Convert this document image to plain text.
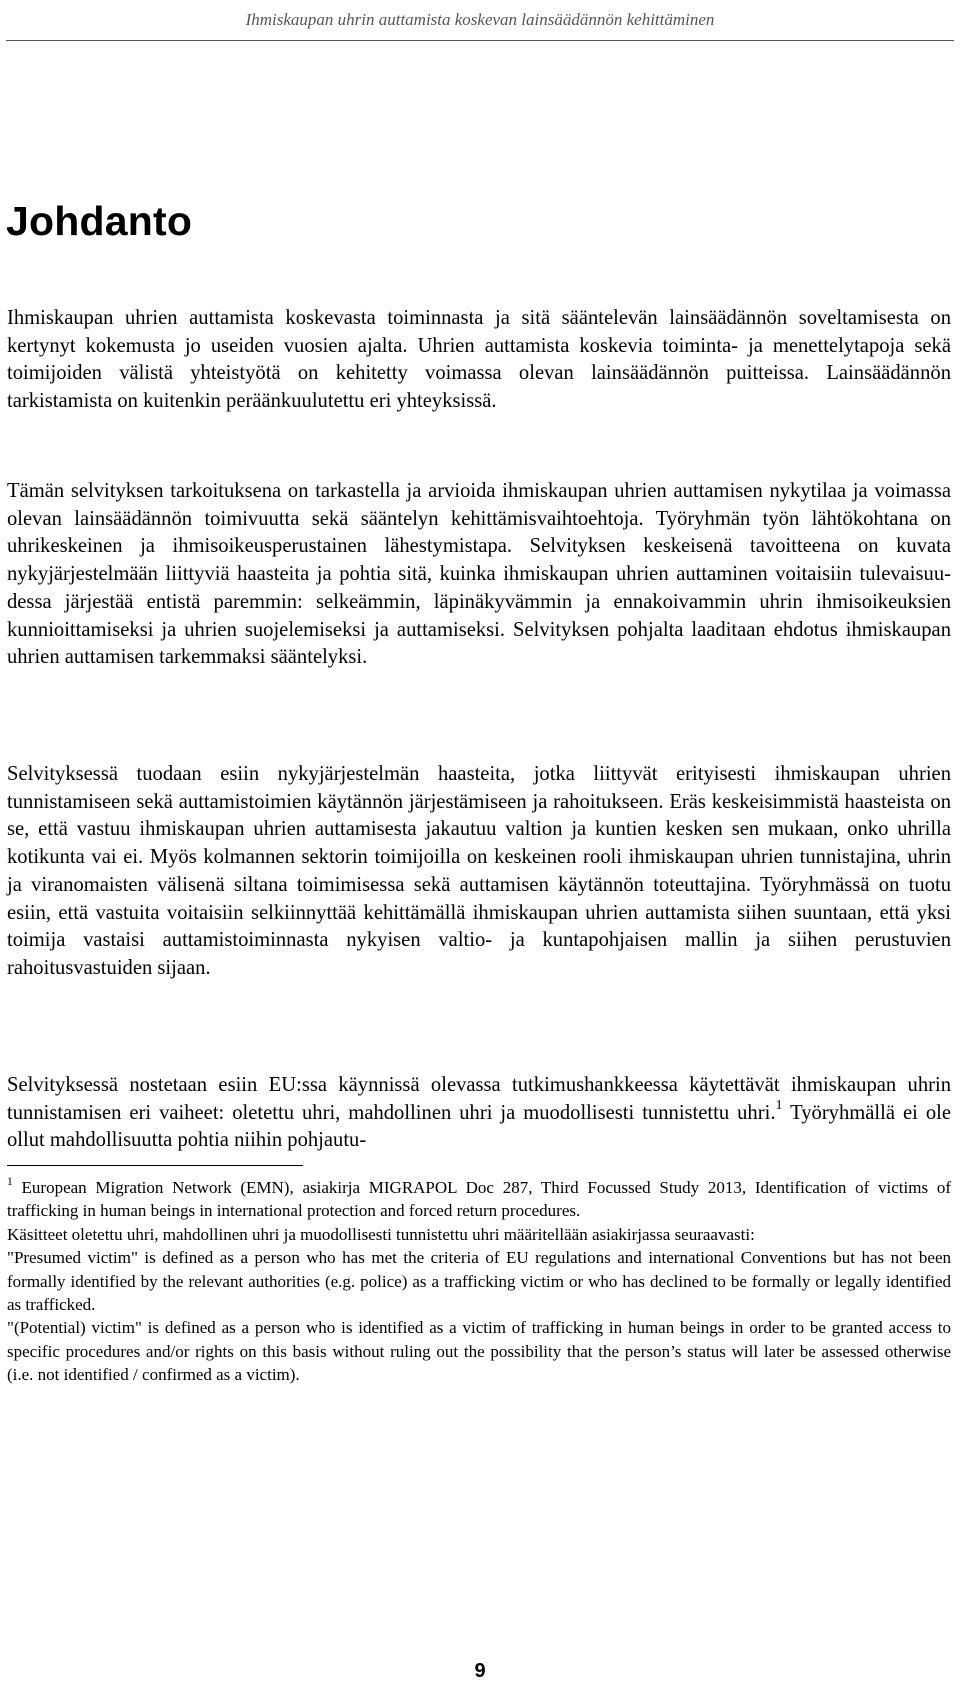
Ihmiskaupan uhrin auttamista koskevan lainsäädännön kehittäminen
Johdanto

Ihmiskaupan uhrien auttamista koskevasta toiminnasta ja sitä sääntelevän lainsäädännön soveltamisesta on kertynyt kokemusta jo useiden vuosien ajalta. Uhrien auttamista koskevia toiminta- ja menettelytapoja sekä toimijoiden välistä yhteistyötä on kehitetty voimassa olevan lainsäädännön puitteissa. Lainsäädännön tarkistamista on kuitenkin peräänkuulutettu eri yhteyksissä.

Tämän selvityksen tarkoituksena on tarkastella ja arvioida ihmiskaupan uhrien auttamisen nykytilaa ja voimassa olevan lainsäädännön toimivuutta sekä sääntelyn kehittämisvaihtoehtoja. Työryhmän työn lähtökohtana on uhrikeskeinen ja ihmisoikeusperustainen lähestymistapa. Selvityksen keskeisenä tavoitteena on kuvata nykyjärjestelmään liittyviä haasteita ja pohtia sitä, kuinka ihmiskaupan uhrien auttaminen voitaisiin tulevaisuudessa järjestää entistä paremmin: selkeämmin, läpinäkyvämmin ja ennakoivammin uhrin ihmisoikeuksien kunnioittamiseksi ja uhrien suojelemiseksi ja auttamiseksi. Selvityksen pohjalta laaditaan ehdotus ihmiskaupan uhrien auttamisen tarkemmaksi sääntelyksi.

Selvityksessä tuodaan esiin nykyjärjestelmän haasteita, jotka liittyvät erityisesti ihmiskaupan uhrien tunnistamiseen sekä auttamistoimien käytännön järjestämiseen ja rahoitukseen. Eräs keskeisimmistä haasteista on se, että vastuu ihmiskaupan uhrien auttamisesta jakautuu valtion ja kuntien kesken sen mukaan, onko uhrilla kotikunta vai ei. Myös kolmannen sektorin toimijoilla on keskeinen rooli ihmiskaupan uhrien tunnistajina, uhrin ja viranomaisten välisenä siltana toimimisessa sekä auttamisen käytännön toteuttajina. Työryhmässä on tuotu esiin, että vastuita voitaisiin selkiinnyttää kehittämällä ihmiskaupan uhrien auttamista siihen suuntaan, että yksi toimija vastaisi auttamistoiminnasta nykyisen valtio- ja kuntapohjaisen mallin ja siihen perustuvien rahoitusvastuiden sijaan.

Selvityksessä nostetaan esiin EU:ssa käynnissä olevassa tutkimushankkeessa käytettävät ihmiskaupan uhrin tunnistamisen eri vaiheet: oletettu uhri, mahdollinen uhri ja muodollisesti tunnistettu uhri.$^1$ Työryhmällä ei ole ollut mahdollisuutta pohtia niihin pohjautu-

$^1$ European Migration Network (EMN), asiakirja MIGRAPOL Doc 287, Third Focussed Study 2013, Identification of victims of trafficking in human beings in international protection and forced return procedures.

Käsitteet oletettu uhri, mahdollinen uhri ja muodollisesti tunnistettu uhri määritellään asiakirjassa seuraavasti:

"Presumed victim" is defined as a person who has met the criteria of EU regulations and international Conventions but has not been formally identified by the relevant authorities (e.g. police) as a trafficking victim or who has declined to be formally or legally identified as trafficked.

"(Potential) victim" is defined as a person who is identified as a victim of trafficking in human beings in order to be granted access to specific procedures and/or rights on this basis without ruling out the possibility that the person’s status will later be assessed otherwise (i.e. not identified / confirmed as a victim).

9
